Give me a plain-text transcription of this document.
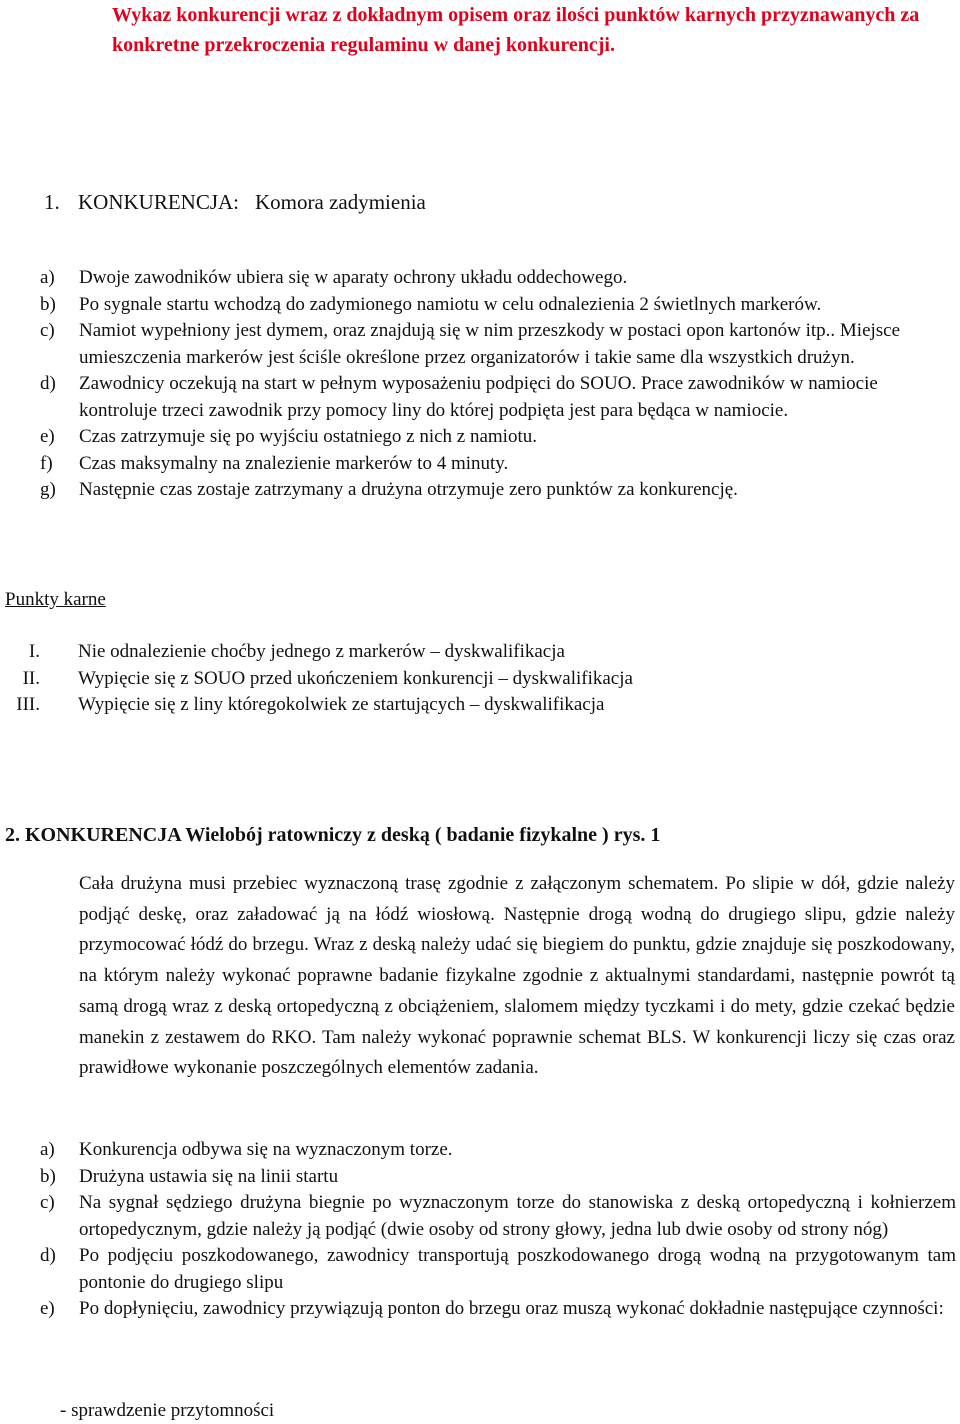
Wykaz konkurencji wraz z dokładnym opisem oraz ilości punktów karnych przyznawanych za konkretne przekroczenia regulaminu w danej konkurencji.
1. KONKURENCJA: Komora zadymienia
a) Dwoje zawodników ubiera się w aparaty ochrony układu oddechowego.
b) Po sygnale startu wchodzą do zadymionego namiotu w celu odnalezienia 2 świetlnych markerów.
c) Namiot wypełniony jest dymem, oraz znajdują się w nim przeszkody w postaci opon kartonów itp.. Miejsce umieszczenia markerów jest ściśle określone przez organizatorów i takie same dla wszystkich drużyn.
d) Zawodnicy oczekują na start w pełnym wyposażeniu podpięci do SOUO. Prace zawodników w namiocie kontroluje trzeci zawodnik przy pomocy liny do której podpięta jest para będąca w namiocie.
e) Czas zatrzymuje się po wyjściu ostatniego z nich z namiotu.
f) Czas maksymalny na znalezienie markerów to 4 minuty.
g) Następnie czas zostaje zatrzymany a drużyna otrzymuje zero punktów za konkurencję.
Punkty karne
I. Nie odnalezienie choćby jednego z markerów – dyskwalifikacja
II. Wypięcie się z SOUO przed ukończeniem konkurencji – dyskwalifikacja
III. Wypięcie się z liny któregokolwiek ze startujących – dyskwalifikacja
2. KONKURENCJA Wielobój ratowniczy z deską ( badanie fizykalne ) rys. 1

Cała drużyna musi przebiec wyznaczoną trasę zgodnie z załączonym schematem. Po slipie w dół, gdzie należy podjąć deskę, oraz załadować ją na łódź wiosłową. Następnie drogą wodną do drugiego slipu, gdzie należy przymocować łódź do brzegu. Wraz z deską należy udać się biegiem do punktu, gdzie znajduje się poszkodowany, na którym należy wykonać poprawne badanie fizykalne zgodnie z aktualnymi standardami, następnie powrót tą samą drogą wraz z deską ortopedyczną z obciążeniem, slalomem między tyczkami i do mety, gdzie czekać będzie manekin z zestawem do RKO. Tam należy wykonać poprawnie schemat BLS. W konkurencji liczy się czas oraz prawidłowe wykonanie poszczególnych elementów zadania.

a) Konkurencja odbywa się na wyznaczonym torze.
b) Drużyna ustawia się na linii startu
c) Na sygnał sędziego drużyna biegnie po wyznaczonym torze do stanowiska z deską ortopedyczną i kołnierzem ortopedycznym, gdzie należy ją podjąć (dwie osoby od strony głowy, jedna lub dwie osoby od strony nóg)
d) Po podjęciu poszkodowanego, zawodnicy transportują poszkodowanego drogą wodną na przygotowanym tam pontonie do drugiego slipu
e) Po dopłynięciu, zawodnicy przywiązują ponton do brzegu oraz muszą wykonać dokładnie następujące czynności:
- sprawdzenie przytomności
